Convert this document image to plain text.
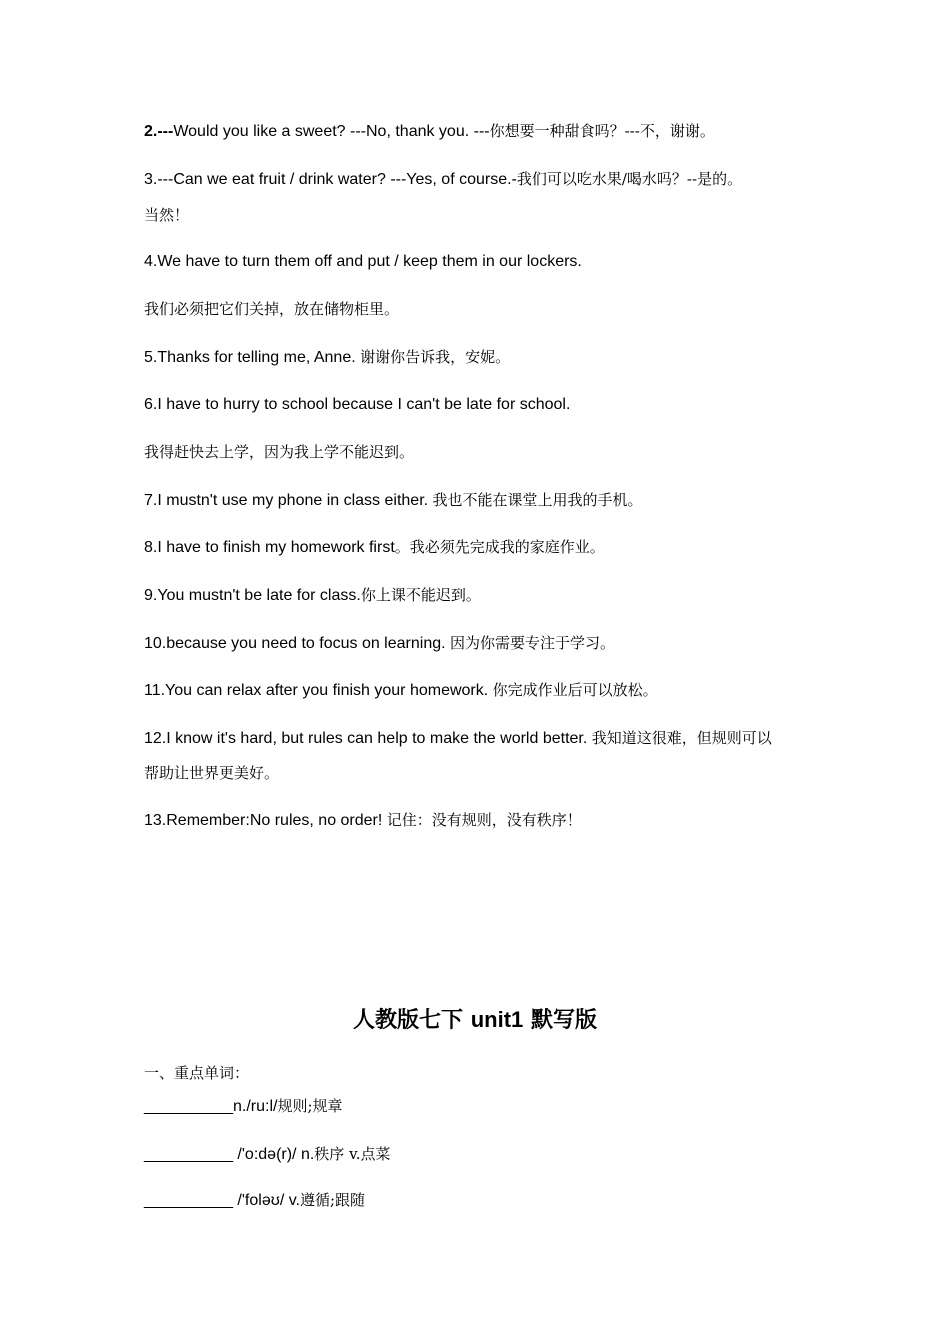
2.---Would you like a sweet? ---No, thank you. ---你想要一种甜食吗？---不，谢谢。
3.---Can we eat fruit / drink water? ---Yes, of course.-我们可以吃水果/喝水吗？--是的。
当然！
4.We have to turn them off and put / keep them in our lockers.
我们必须把它们关掉，放在储物柜里。
5.Thanks for telling me, Anne. 谢谢你告诉我，安妮。
6.I have to hurry to school because I can't be late for school.
我得赶快去上学，因为我上学不能迟到。
7.I mustn't use my phone in class either. 我也不能在课堂上用我的手机。
8.I have to finish my homework first。我必须先完成我的家庭作业。
9.You mustn't be late for class.你上课不能迟到。
10.because you need to focus on learning. 因为你需要专注于学习。
11.You can relax after you finish your homework. 你完成作业后可以放松。
12.I know it's hard, but rules can help to make the world better. 我知道这很难，但规则可以
帮助让世界更美好。
13.Remember:No rules, no order! 记住：没有规则，没有秩序！
人教版七下 unit1 默写版
一、重点单词：
__________n./ru:l/规则;规章
__________ /'o:də(r)/ n.秩序 v.点菜
__________ /'foləʊ/ v.遵循;跟随
